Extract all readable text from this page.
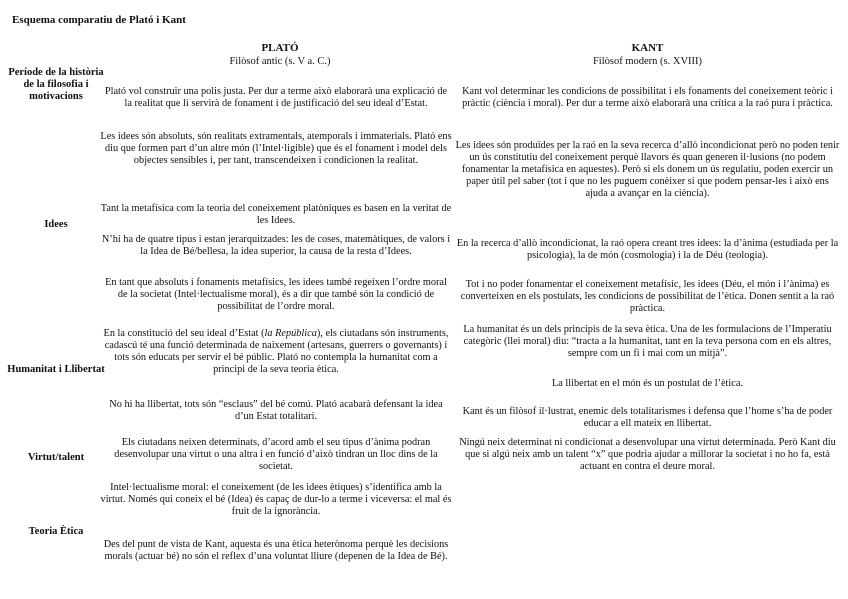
Esquema comparatiu de Plató i Kant
PLATÓ
Filòsof antic (s. V a. C.)
KANT
Filòsof modern (s. XVIII)
Període de la història de la filosofia i motivacions	Plató vol construir una polis justa. Per dur a terme això elaborarà una explicació de la realitat que li servirà de fonament i de justificació del seu ideal d’Estat.
Kant vol determinar les condicions de possibilitat i els fonaments del coneixement teòric i pràctic (ciència i moral). Per dur a terme això elaborarà una crítica a la raó pura i pràctica.
Idees
Les idees són absoluts, són realitats extramentals, atemporals i immaterials. Plató ens diu que formen part d’un altre món (l’Intel·ligible) que és el fonament i model dels objectes sensibles i, per tant, transcendeixen i condicionen la realitat.
Tant la metafísica com la teoria del coneixement platòniques es basen en la veritat de les Idees.
N’hi ha de quatre tipus i estan jerarquitzades: les de coses, matemàtiques, de valors i la Idea de Bé/bellesa, la idea superior, la causa de la resta d’Idees.
En tant que absoluts i fonaments metafísics, les idees també regeixen l’ordre moral de la societat (Intel·lectualisme moral), és a dir que també són la condició de possibilitat de l’ordre moral.
Les idees són produïdes per la raó en la seva recerca d’allò incondicionat però no poden tenir un ús constitutiu del coneixement perquè llavors és quan generen il·lusions (no podem fonamentar la metafísica en aquestes). Però si els donem un ús regulatiu, poden exercir un paper útil pel saber (tot i que no les puguem conèixer sí que podem pensar-les i això ens ajuda a avançar en la ciència).
En la recerca d’allò incondicionat, la raó opera creant tres idees: la d’ànima (estudiada per la psicologia), la de món (cosmologia) i la de Déu (teologia).
Tot i no poder fonamentar el coneixement metafísic, les idees (Déu, el món i l’ànima) es converteixen en els postulats, les condicions de possibilitat de l’ètica. Donen sentit a la raó pràctica.
Humanitat i Llibertat
En la constitució del seu ideal d’Estat (la República), els ciutadans són instruments, cadascú té una funció determinada de naixement (artesans, guerrers o governants) i tots són educats per servir el bé públic. Plató no contempla la humanitat com a principi de la seva teoria ètica.
No hi ha llibertat, tots són “esclaus” del bé comú. Plató acabarà defensant la idea d’un Estat totalitari.
La humanitat és un dels principis de la seva ètica. Una de les formulacions de l’Imperatiu categòric (llei moral) diu: “tracta a la humanitat, tant en la teva persona com en els altres, sempre com un fi i mai com un mitjà”.
La llibertat en el món és un postulat de l’ètica.
Kant és un filòsof il·lustrat, enemic dels totalitarismes i defensa que l’home s’ha de poder educar a ell mateix en llibertat.
Virtut/talent
Els ciutadans neixen determinats, d’acord amb el seu tipus d’ànima podran desenvolupar una virtut o una altra i en funció d’això tindran un lloc dins de la societat.
Ningú neix determinat ni condicionat a desenvolupar una virtut determinada. Però Kant diu que si algú neix amb un talent “x” que podria ajudar a millorar la societat i no ho fa, està actuant en contra el deure moral.
Teoria Ètica
Intel·lectualisme moral: el coneixement (de les idees ètiques) s’identifica amb la virtut. Només qui coneix el bé (Idea) és capaç de dur-lo a terme i viceversa: el mal és fruit de la ignorància.
Des del punt de vista de Kant, aquesta és una ètica heterònoma perquè les decisions morals (actuar bé) no són el reflex d’una voluntat lliure (depenen de la Idea de Bé).
